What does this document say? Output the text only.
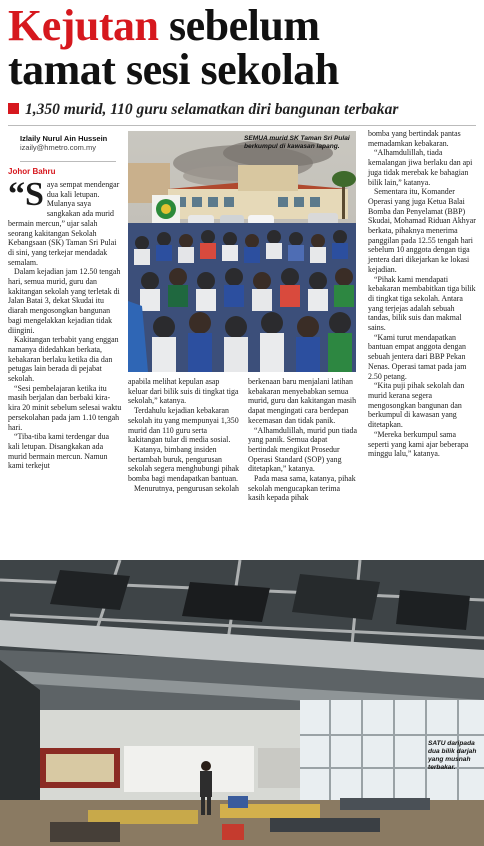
Kejutan sebelum
tamat sesi sekolah
1,350 murid, 110 guru selamatkan diri bangunan terbakar
Izlaily Nurul Ain Hussein
izaily@hmetro.com.my
Johor Bahru

“Saya sempat mendengar dua kali letupan. Mulanya saya sangkakan ada murid bermain mercun,” ujar salah seorang kakitangan Sekolah Kebangsaan (SK) Taman Sri Pulai di sini, yang terkejar mendadak semalam.

Dalam kejadian jam 12.50 tengah hari, semua murid, guru dan kakitangan sekolah yang terletak di Jalan Batai 3, dekat Skudai itu diarah mengosongkan bangunan bagi mengelakkan kejadian tidak diingini.

Kakitangan terbabit yang enggan namanya didedahkan berkata, kebakaran berlaku ketika dia dan petugas lain berada di pejabat sekolah.

“Sesi pembelajaran ketika itu masih berjalan dan berbaki kira-kira 20 minit sebelum selesai waktu persekolahan pada jam 1.10 tengah hari.

“Tiba-tiba kami terdengar dua kali letupan. Disangkakan ada murid bermain mercun. Namun kami terkejut

SEMUA murid SK Taman Sri Pulai berkumpul di kawasan lapang.

apabila melihat kepulan asap keluar dari bilik suis di tingkat tiga sekolah,” katanya.

Terdahulu kejadian kebakaran sekolah itu yang mempunyai 1,350 murid dan 110 guru serta kakitangan tular di media sosial.

Katanya, bimbang insiden bertambah buruk, pengurusan sekolah segera menghubungi pihak bomba bagi mendapatkan bantuan.

Menurutnya, pengurusan sekolah

berkenaan baru menjalani latihan kebakaran menyebabkan semua murid, guru dan kakitangan masih dapat mengingati cara berdepan kecemasan dan tidak panik.

“Alhamdulillah, murid pun tiada yang panik. Semua dapat bertindak mengikut Prosedur Operasi Standard (SOP) yang ditetapkan,” katanya.

Pada masa sama, katanya, pihak sekolah mengucapkan terima kasih kepada pihak

bomba yang bertindak pantas memadamkan kebakaran.

“Alhamdulillah, tiada kemalangan jiwa berlaku dan api juga tidak merebak ke bahagian bilik lain,” katanya.

Sementara itu, Komander Operasi yang juga Ketua Balai Bomba dan Penyelamat (BBP) Skudai, Mohamad Riduan Akhyar berkata, pihaknya menerima panggilan pada 12.55 tengah hari sebelum 10 anggota dengan tiga jentera dari dikejarkan ke lokasi kejadian.

“Pihak kami mendapati kebakaran membabitkan tiga bilik di tingkat tiga sekolah. Antara yang terjejas adalah sebuah tandas, bilik suis dan makmal sains.

“Kami turut mendapatkan bantuan empat anggota dengan sebuah jentera dari BBP Pekan Nenas. Operasi tamat pada jam 2.50 petang.

“Kita puji pihak sekolah dan murid kerana segera mengosongkan bangunan dan berkumpul di kawasan yang ditetapkan.

“Mereka berkumpul sama seperti yang kami ajar beberapa minggu lalu,” katanya.

SATU daripada dua bilik darjah yang musnah terbakar.
